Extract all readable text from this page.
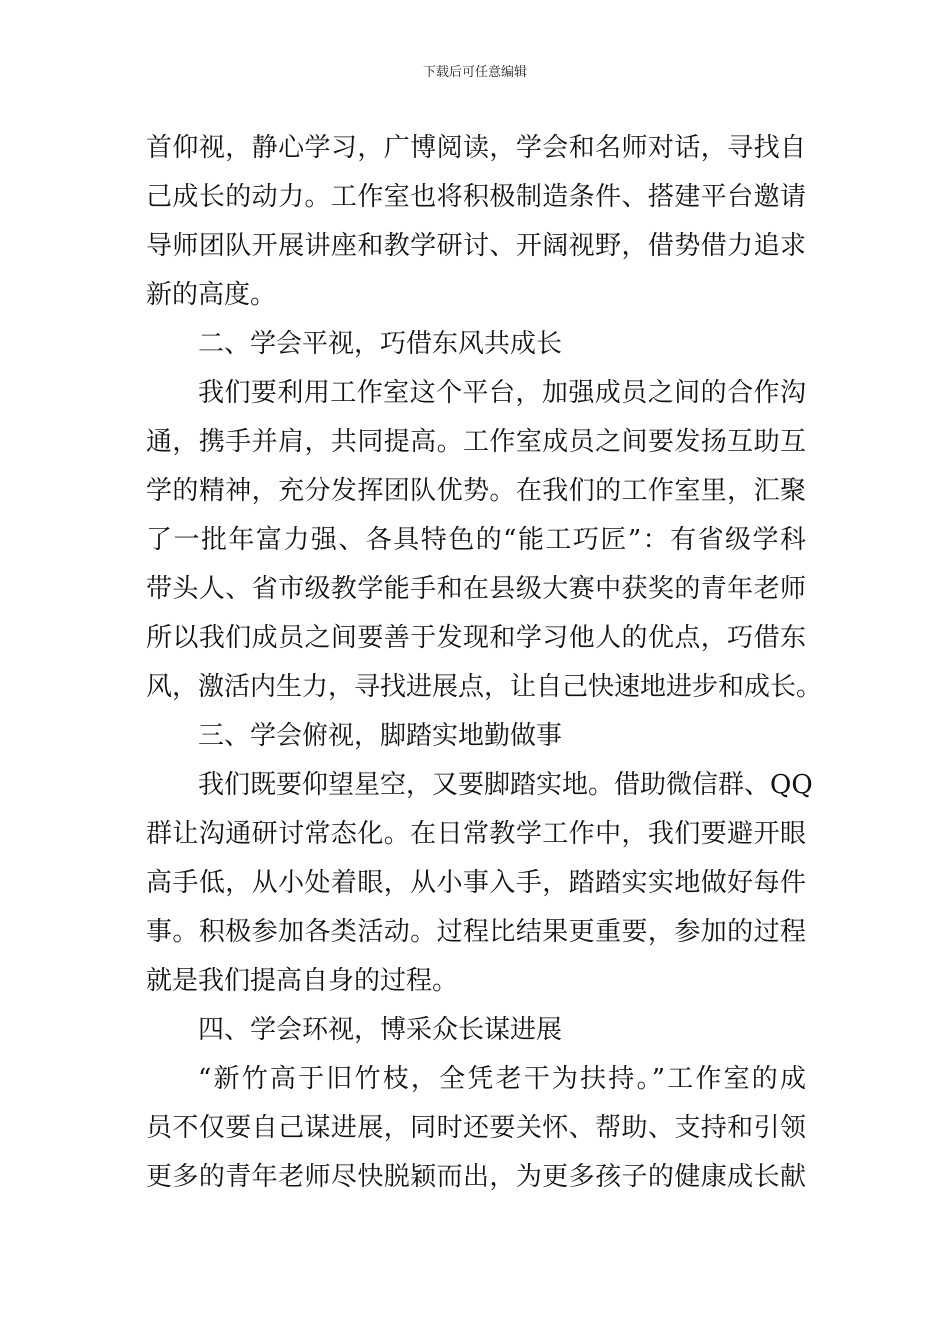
下载后可任意编辑
首仰视，静心学习，广博阅读，学会和名师对话，寻找自
己成长的动力。工作室也将积极制造条件、搭建平台邀请
导师团队开展讲座和教学研讨、开阔视野，借势借力追求
新的高度。
二、学会平视，巧借东风共成长
我们要利用工作室这个平台，加强成员之间的合作沟
通，携手并肩，共同提高。工作室成员之间要发扬互助互
学的精神，充分发挥团队优势。在我们的工作室里，汇聚
了一批年富力强、各具特色的“能工巧匠”：有省级学科
带头人、省市级教学能手和在县级大赛中获奖的青年老师
所以我们成员之间要善于发现和学习他人的优点，巧借东
风，激活内生力，寻找进展点，让自己快速地进步和成长。
三、学会俯视，脚踏实地勤做事
我们既要仰望星空，又要脚踏实地。借助微信群、QQ
群让沟通研讨常态化。在日常教学工作中，我们要避开眼
高手低，从小处着眼，从小事入手，踏踏实实地做好每件
事。积极参加各类活动。过程比结果更重要，参加的过程
就是我们提高自身的过程。
四、学会环视，博采众长谋进展
“新竹高于旧竹枝，全凭老干为扶持。”工作室的成
员不仅要自己谋进展，同时还要关怀、帮助、支持和引领
更多的青年老师尽快脱颖而出，为更多孩子的健康成长献
